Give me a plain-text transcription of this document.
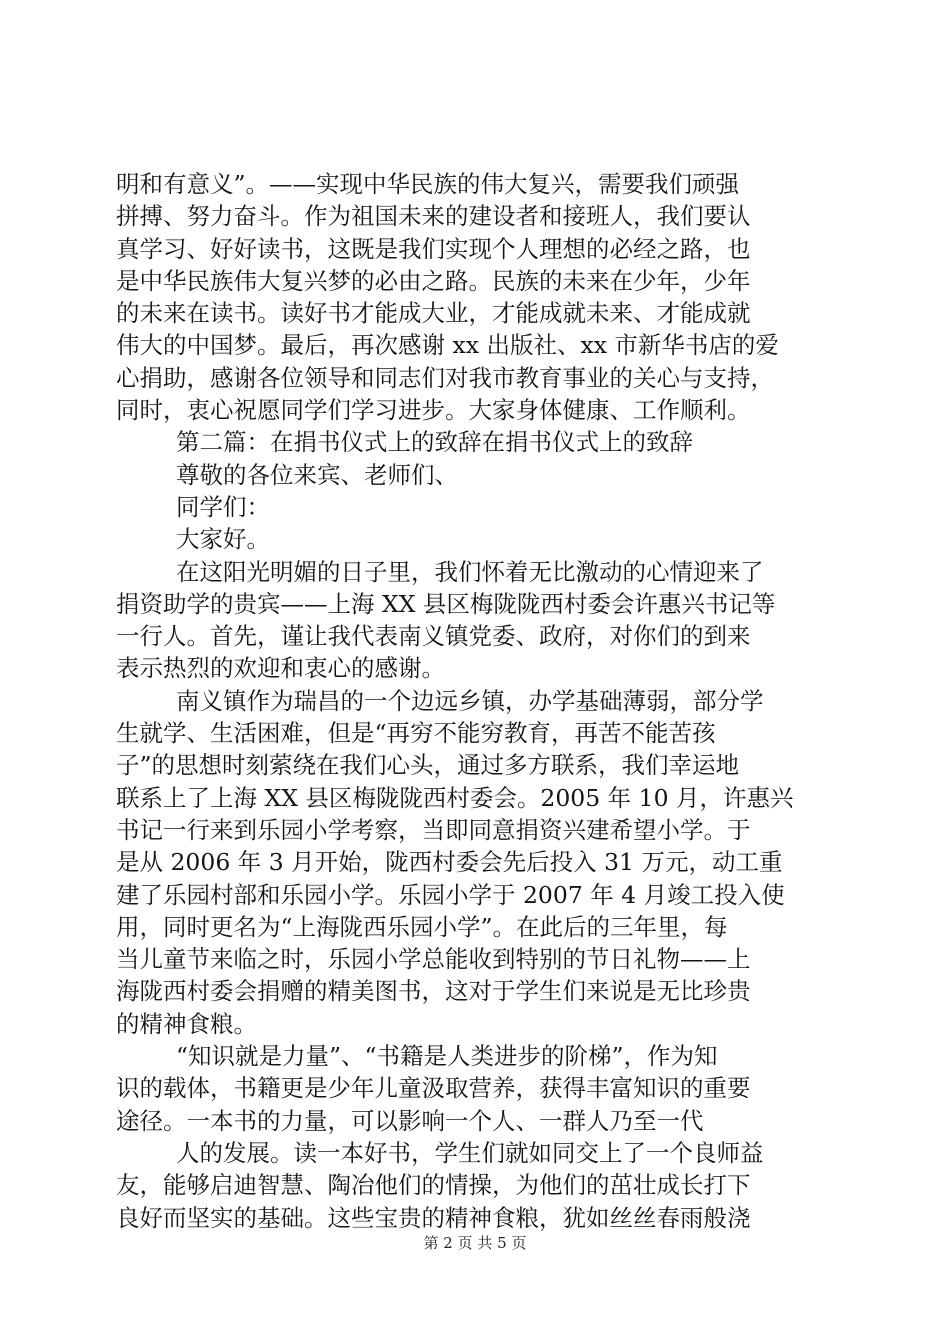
明和有意义”。——实现中华民族的伟大复兴，需要我们顽强
拼搏、努力奋斗。作为祖国未来的建设者和接班人，我们要认
真学习、好好读书，这既是我们实现个人理想的必经之路，也
是中华民族伟大复兴梦的必由之路。民族的未来在少年，少年
的未来在读书。读好书才能成大业，才能成就未来、才能成就
伟大的中国梦。最后，再次感谢 xx 出版社、xx 市新华书店的爱
心捐助，感谢各位领导和同志们对我市教育事业的关心与支持，
同时，衷心祝愿同学们学习进步。大家身体健康、工作顺利。
第二篇：在捐书仪式上的致辞在捐书仪式上的致辞
尊敬的各位来宾、老师们、
同学们：
大家好。
在这阳光明媚的日子里，我们怀着无比激动的心情迎来了
捐资助学的贵宾——上海 XX 县区梅陇陇西村委会许惠兴书记等
一行人。首先，谨让我代表南义镇党委、政府，对你们的到来
表示热烈的欢迎和衷心的感谢。
南义镇作为瑞昌的一个边远乡镇，办学基础薄弱，部分学
生就学、生活困难，但是“再穷不能穷教育，再苦不能苦孩
子”的思想时刻萦绕在我们心头，通过多方联系，我们幸运地
联系上了上海 XX 县区梅陇陇西村委会。2005 年 10 月，许惠兴
书记一行来到乐园小学考察，当即同意捐资兴建希望小学。于
是从 2006 年 3 月开始，陇西村委会先后投入 31 万元，动工重
建了乐园村部和乐园小学。乐园小学于 2007 年 4 月竣工投入使
用，同时更名为“上海陇西乐园小学”。在此后的三年里，每
当儿童节来临之时，乐园小学总能收到特别的节日礼物——上
海陇西村委会捐赠的精美图书，这对于学生们来说是无比珍贵
的精神食粮。
“知识就是力量”、“书籍是人类进步的阶梯”，作为知
识的载体，书籍更是少年儿童汲取营养，获得丰富知识的重要
途径。一本书的力量，可以影响一个人、一群人乃至一代
人的发展。读一本好书，学生们就如同交上了一个良师益
友，能够启迪智慧、陶冶他们的情操，为他们的茁壮成长打下
良好而坚实的基础。这些宝贵的精神食粮，犹如丝丝春雨般浇
第 2 页 共 5 页
